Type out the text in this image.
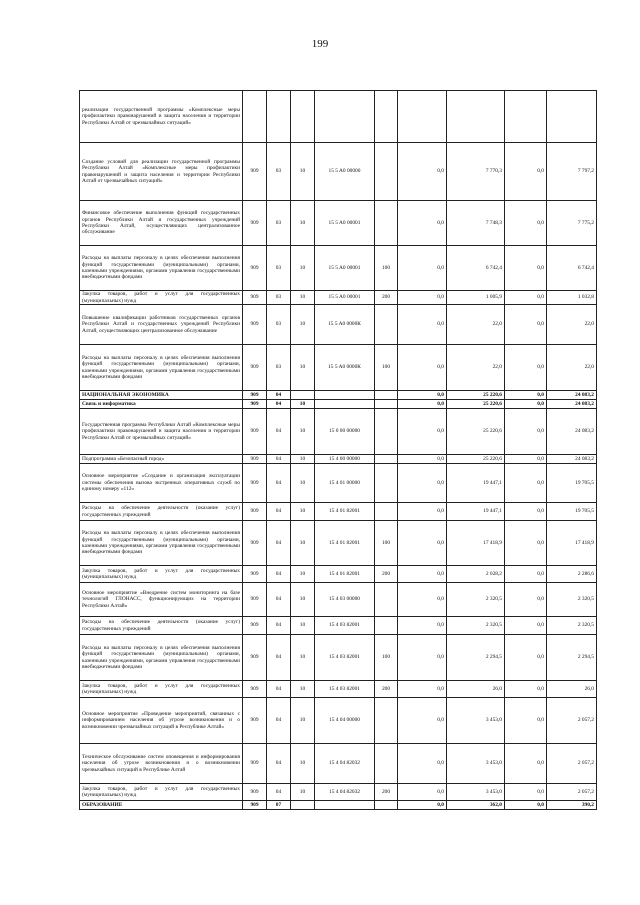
199
реализации государственной программы «Комплексные меры профилактики правонарушений и защита населения и территории Республики Алтай от чрезвычайных ситуаций»									
Создание условий для реализации государственной программы Республики Алтай «Комплексные меры профилактики правонарушений и защита населения и территории Республики Алтай от чрезвычайных ситуаций»	909	03	10	15 5 A0 00000		0,0	7 770,3	0,0	7 797,2
Финансовое обеспечение выполнения функций государственных органов Республики Алтай и государственных учреждений Республики Алтай, осуществляющих централизованное обслуживание	909	03	10	15 5 A0 00001		0,0	7 748,3	0,0	7 775,2
Расходы на выплаты персоналу в целях обеспечения выполнения функций государственными (муниципальными) органами, казенными учреждениями, органами управления государственными внебюджетными фондами	909	03	10	15 5 A0 00001	100	0,0	6 742,4	0,0	6 742,4
Закупка товаров, работ и услуг для государственных (муниципальных) нужд	909	03	10	15 5 A0 00001	200	0,0	1 005,9	0,0	1 032,8
Повышение квалификации работников государственных органов Республики Алтай и государственных учреждений Республики Алтай, осуществляющих централизованное обслуживание	909	03	10	15 5 A0 0000К		0,0	22,0	0,0	22,0
Расходы на выплаты персоналу в целях обеспечения выполнения функций государственными (муниципальными) органами, казенными учреждениями, органами управления государственными внебюджетными фондами	909	03	10	15 5 A0 0000К	100	0,0	22,0	0,0	22,0
НАЦИОНАЛЬНАЯ ЭКОНОМИКА	909	04				0,0	25 220,6	0,0	24 083,2
Связь и информатика	909	04	10			0,0	25 220,6	0,0	24 083,2
Государственная программа Республики Алтай «Комплексные меры профилактики правонарушений и защита населения и территории Республики Алтай от чрезвычайных ситуаций»	909	04	10	15 0 00 00000		0,0	25 220,6	0,0	24 083,2
Подпрограмма «Безопасный город»	909	04	10	15 4 00 00000		0,0	25 220,6	0,0	24 083,2
Основное мероприятие «Создание и организация эксплуатации системы обеспечения вызова экстренных оперативных служб по единому номеру «112»	909	04	10	15 4 01 00000		0,0	19 447,1	0,0	19 705,5
Расходы на обеспечение деятельности (оказание услуг) государственных учреждений	909	04	10	15 4 01 82001		0,0	19 447,1	0,0	19 705,5
Расходы на выплаты персоналу в целях обеспечения выполнения функций государственными (муниципальными) органами, казенными учреждениями, органами управления государственными внебюджетными фондами	909	04	10	15 4 01 82001	100	0,0	17 418,9	0,0	17 418,9
Закупка товаров, работ и услуг для государственных (муниципальных) нужд	909	04	10	15 4 01 82001	200	0,0	2 028,2	0,0	2 286,6
Основное мероприятие «Внедрение систем мониторинга на базе технологий ГЛОНАСС, функционирующих на территории Республики Алтай»	909	04	10	15 4 03 00000		0,0	2 320,5	0,0	2 320,5
Расходы на обеспечение деятельности (оказание услуг) государственных учреждений	909	04	10	15 4 03 82001		0,0	2 320,5	0,0	2 320,5
Расходы на выплаты персоналу в целях обеспечения выполнения функций государственными (муниципальными) органами, казенными учреждениями, органами управления государственными внебюджетными фондами	909	04	10	15 4 03 82001	100	0,0	2 294,5	0,0	2 294,5
Закупка товаров, работ и услуг для государственных (муниципальных) нужд	909	04	10	15 4 03 82001	200	0,0	26,0	0,0	26,0
Основное мероприятие «Проведение мероприятий, связанных с информированием населения об угрозе возникновения и о возникновении чрезвычайных ситуаций в Республике Алтай»	909	04	10	15 4 04 00000		0,0	3 453,0	0,0	2 057,2
Техническое обслуживание систем оповещения и информирования населения об угрозе возникновения и о возникновении чрезвычайных ситуаций в Республике Алтай	909	04	10	15 4 04 82032		0,0	3 453,0	0,0	2 057,2
Закупка товаров, работ и услуг для государственных (муниципальных) нужд	909	04	10	15 4 04 82032	200	0,0	3 453,0	0,0	2 057,2
ОБРАЗОВАНИЕ	909	07				0,0	362,0	0,0	390,2
